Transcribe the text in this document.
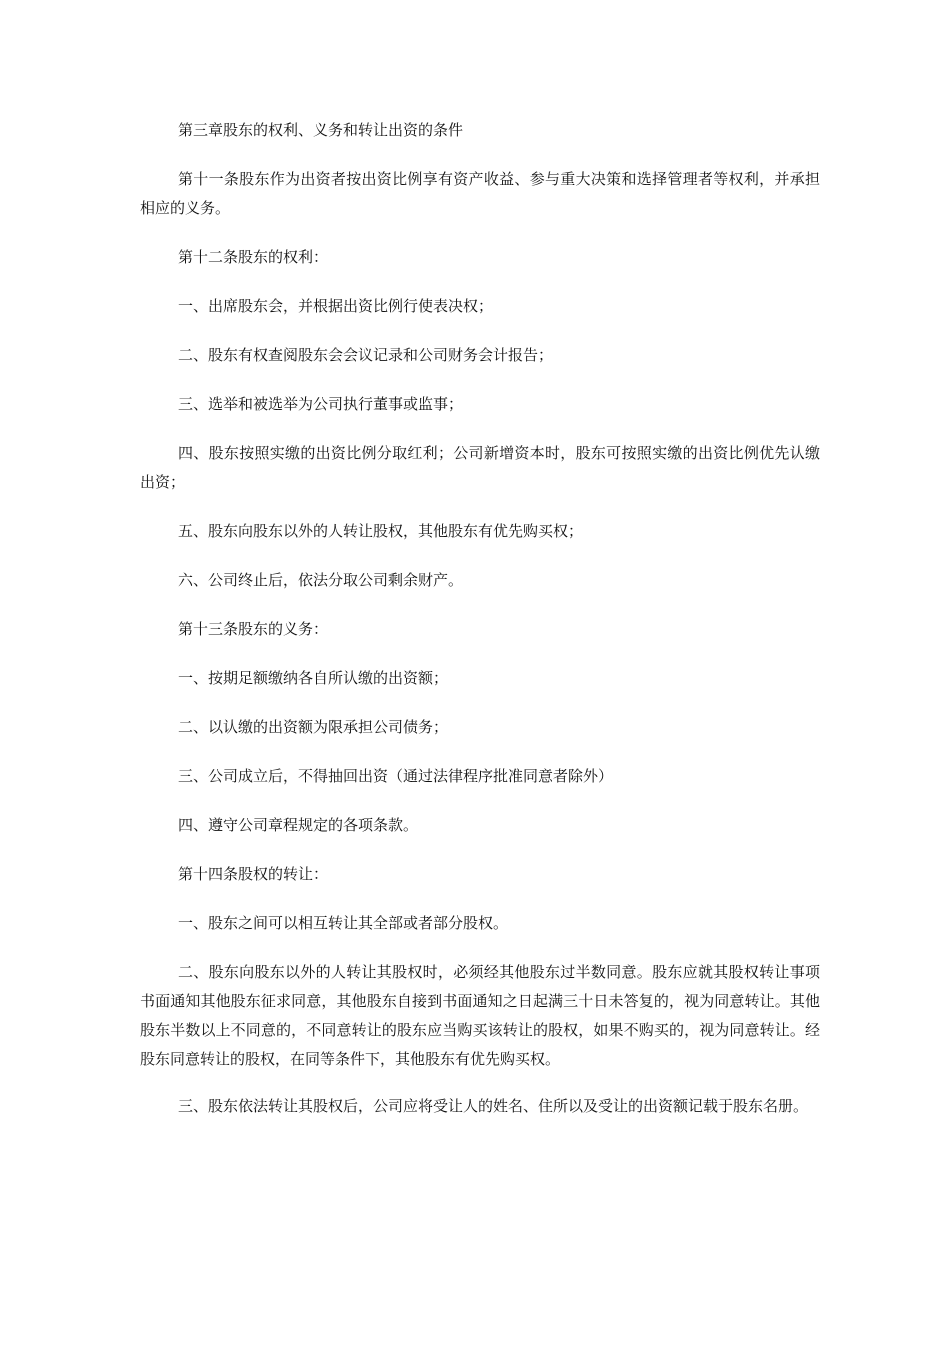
第三章股东的权利、义务和转让出资的条件

第十一条股东作为出资者按出资比例享有资产收益、参与重大决策和选择管理者等权利，并承担相应的义务。

第十二条股东的权利：

一、出席股东会，并根据出资比例行使表决权；

二、股东有权查阅股东会会议记录和公司财务会计报告；

三、选举和被选举为公司执行董事或监事；

四、股东按照实缴的出资比例分取红利；公司新增资本时，股东可按照实缴的出资比例优先认缴出资；

五、股东向股东以外的人转让股权，其他股东有优先购买权；

六、公司终止后，依法分取公司剩余财产。

第十三条股东的义务：

一、按期足额缴纳各自所认缴的出资额；

二、以认缴的出资额为限承担公司债务；

三、公司成立后，不得抽回出资（通过法律程序批准同意者除外）

四、遵守公司章程规定的各项条款。

第十四条股权的转让：

一、股东之间可以相互转让其全部或者部分股权。

二、股东向股东以外的人转让其股权时，必须经其他股东过半数同意。股东应就其股权转让事项书面通知其他股东征求同意，其他股东自接到书面通知之日起满三十日未答复的，视为同意转让。其他股东半数以上不同意的，不同意转让的股东应当购买该转让的股权，如果不购买的，视为同意转让。经股东同意转让的股权，在同等条件下，其他股东有优先购买权。

三、股东依法转让其股权后，公司应将受让人的姓名、住所以及受让的出资额记载于股东名册。
